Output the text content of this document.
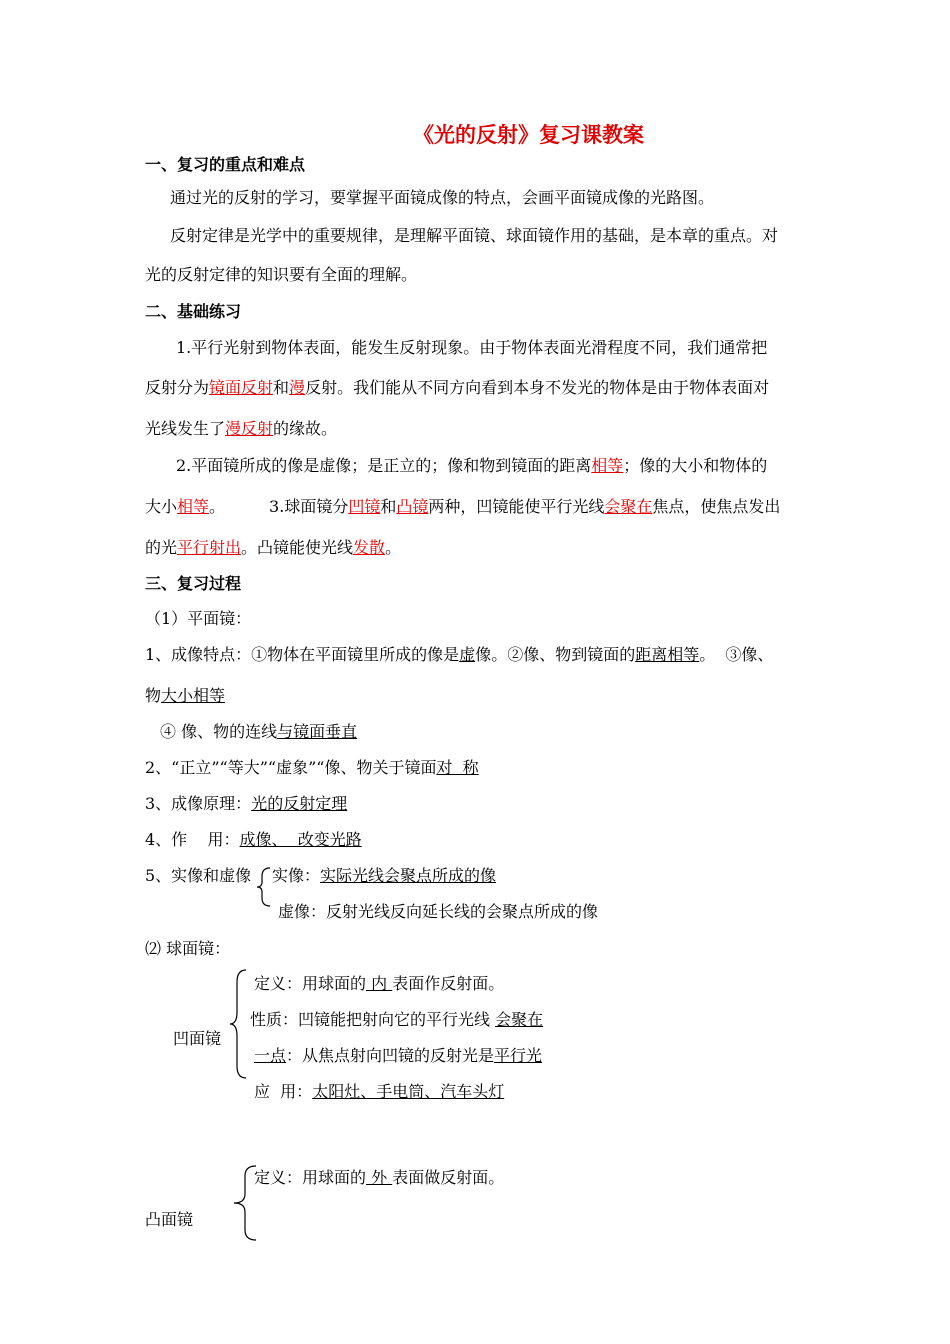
《光的反射》复习课教案
一、复习的重点和难点
通过光的反射的学习，要掌握平面镜成像的特点，会画平面镜成像的光路图。
反射定律是光学中的重要规律，是理解平面镜、球面镜作用的基础，是本章的重点。对
光的反射定律的知识要有全面的理解。
二、基础练习
1.平行光射到物体表面，能发生反射现象。由于物体表面光滑程度不同，我们通常把
反射分为镜面反射和漫反射。我们能从不同方向看到本身不发光的物体是由于物体表面对
光线发生了漫反射的缘故。
2.平面镜所成的像是虚像；是正立的；像和物到镜面的距离相等；像的大小和物体的
大小相等。	3.球面镜分凹镜和凸镜两种，凹镜能使平行光线会聚在焦点，使焦点发出
的光平行射出。凸镜能使光线发散。
三、复习过程
（1）平面镜：
1、成像特点：①物体在平面镜里所成的像是虚像。②像、物到镜面的距离相等。  ③像、
物大小相等
④ 像、物的连线与镜面垂直
2、“正立”“等大”“虚象”“像、物关于镜面对  称
3、成像原理：光的反射定理
4、作    用：成像、  改变光路
5、实像和虚像 实像：实际光线会聚点所成的像
虚像：反射光线反向延长线的会聚点所成的像
⑵ 球面镜：
凹面镜
定义：用球面的 内 表面作反射面。
性质：凹镜能把射向它的平行光线 会聚在
一点：从焦点射向凹镜的反射光是平行光
应  用：太阳灶、手电筒、汽车头灯
凸面镜
定义：用球面的 外 表面做反射面。
